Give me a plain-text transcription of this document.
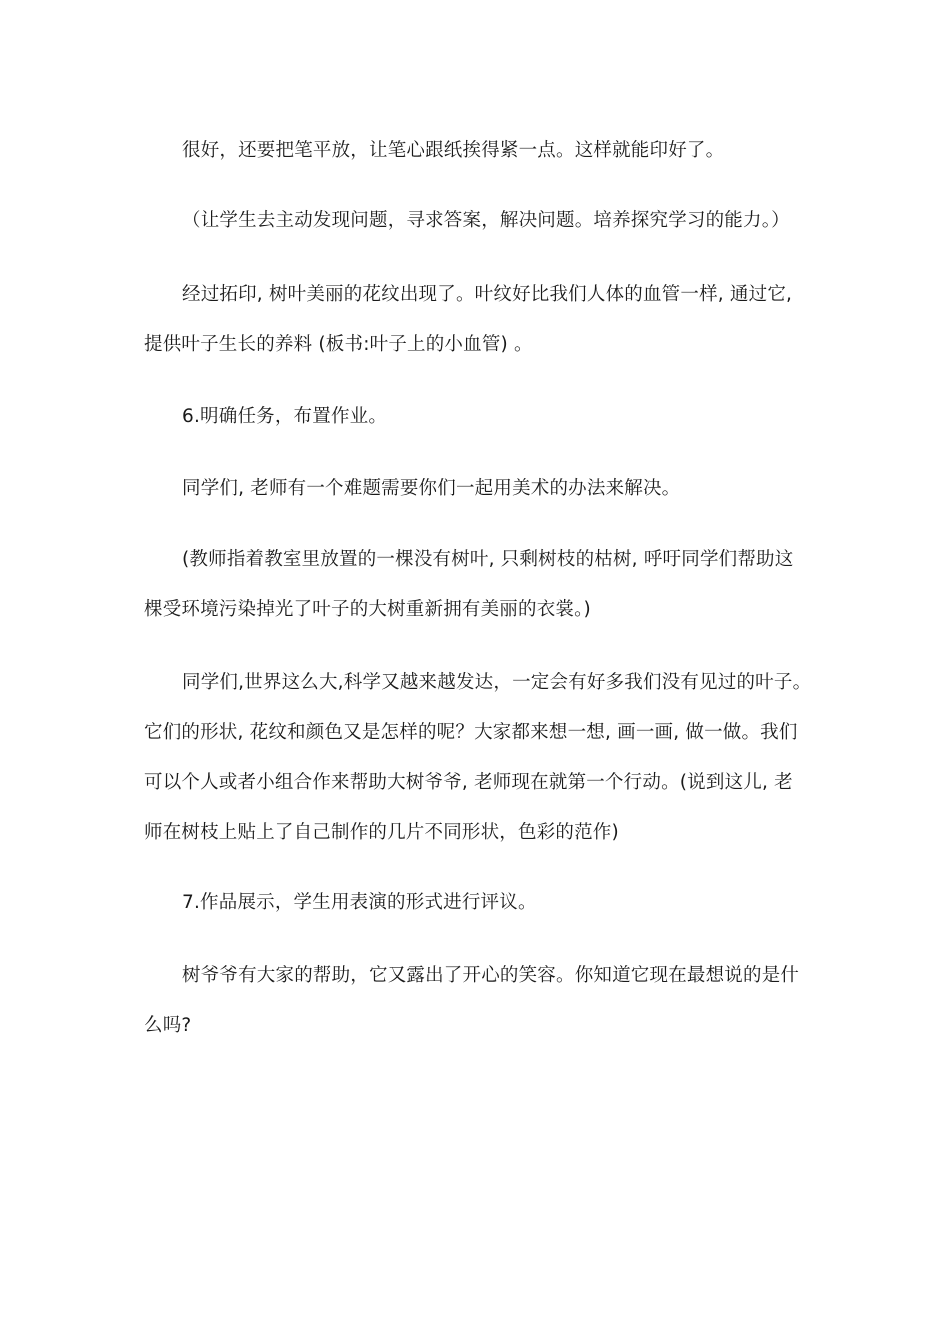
很好，还要把笔平放，让笔心跟纸挨得紧一点。这样就能印好了。
（让学生去主动发现问题，寻求答案，解决问题。培养探究学习的能力。）
经过拓印, 树叶美丽的花纹出现了。叶纹好比我们人体的血管一样, 通过它,
提供叶子生长的养料 (板书:叶子上的小血管) 。
6.明确任务，布置作业。
同学们, 老师有一个难题需要你们一起用美术的办法来解决。
(教师指着教室里放置的一棵没有树叶, 只剩树枝的枯树, 呼吁同学们帮助这
棵受环境污染掉光了叶子的大树重新拥有美丽的衣裳。)
同学们,世界这么大,科学又越来越发达，一定会有好多我们没有见过的叶子。
它们的形状, 花纹和颜色又是怎样的呢？大家都来想一想, 画一画, 做一做。我们
可以个人或者小组合作来帮助大树爷爷, 老师现在就第一个行动。(说到这儿, 老
师在树枝上贴上了自己制作的几片不同形状，色彩的范作)
7.作品展示，学生用表演的形式进行评议。
树爷爷有大家的帮助，它又露出了开心的笑容。你知道它现在最想说的是什
么吗?
